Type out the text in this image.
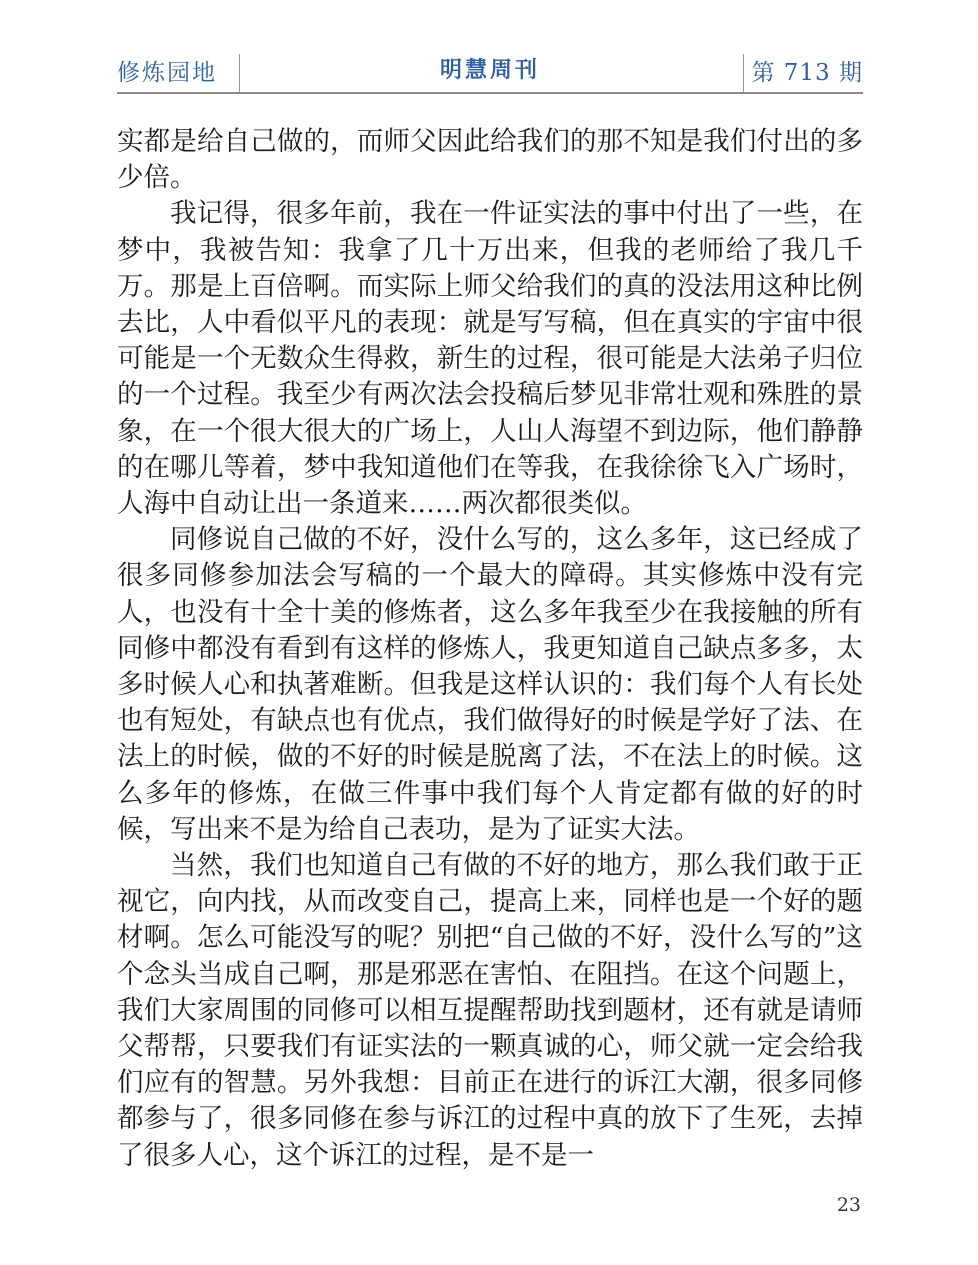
修炼园地	明慧周刊	第 713 期

实都是给自己做的，而师父因此给我们的那不知是我们付出的多少倍。

我记得，很多年前，我在一件证实法的事中付出了一些，在梦中，我被告知：我拿了几十万出来，但我的老师给了我几千万。那是上百倍啊。而实际上师父给我们的真的没法用这种比例去比，人中看似平凡的表现：就是写写稿，但在真实的宇宙中很可能是一个无数众生得救，新生的过程，很可能是大法弟子归位的一个过程。我至少有两次法会投稿后梦见非常壮观和殊胜的景象，在一个很大很大的广场上，人山人海望不到边际，他们静静的在哪儿等着，梦中我知道他们在等我，在我徐徐飞入广场时，人海中自动让出一条道来……两次都很类似。

同修说自己做的不好，没什么写的，这么多年，这已经成了很多同修参加法会写稿的一个最大的障碍。其实修炼中没有完人，也没有十全十美的修炼者，这么多年我至少在我接触的所有同修中都没有看到有这样的修炼人，我更知道自己缺点多多，太多时候人心和执著难断。但我是这样认识的：我们每个人有长处也有短处，有缺点也有优点，我们做得好的时候是学好了法、在法上的时候，做的不好的时候是脱离了法，不在法上的时候。这么多年的修炼，在做三件事中我们每个人肯定都有做的好的时候，写出来不是为给自己表功，是为了证实大法。

当然，我们也知道自己有做的不好的地方，那么我们敢于正视它，向内找，从而改变自己，提高上来，同样也是一个好的题材啊。怎么可能没写的呢？别把“自己做的不好，没什么写的”这个念头当成自己啊，那是邪恶在害怕、在阻挡。在这个问题上，我们大家周围的同修可以相互提醒帮助找到题材，还有就是请师父帮帮，只要我们有证实法的一颗真诚的心，师父就一定会给我们应有的智慧。另外我想：目前正在进行的诉江大潮，很多同修都参与了，很多同修在参与诉江的过程中真的放下了生死，去掉了很多人心，这个诉江的过程，是不是一

23
